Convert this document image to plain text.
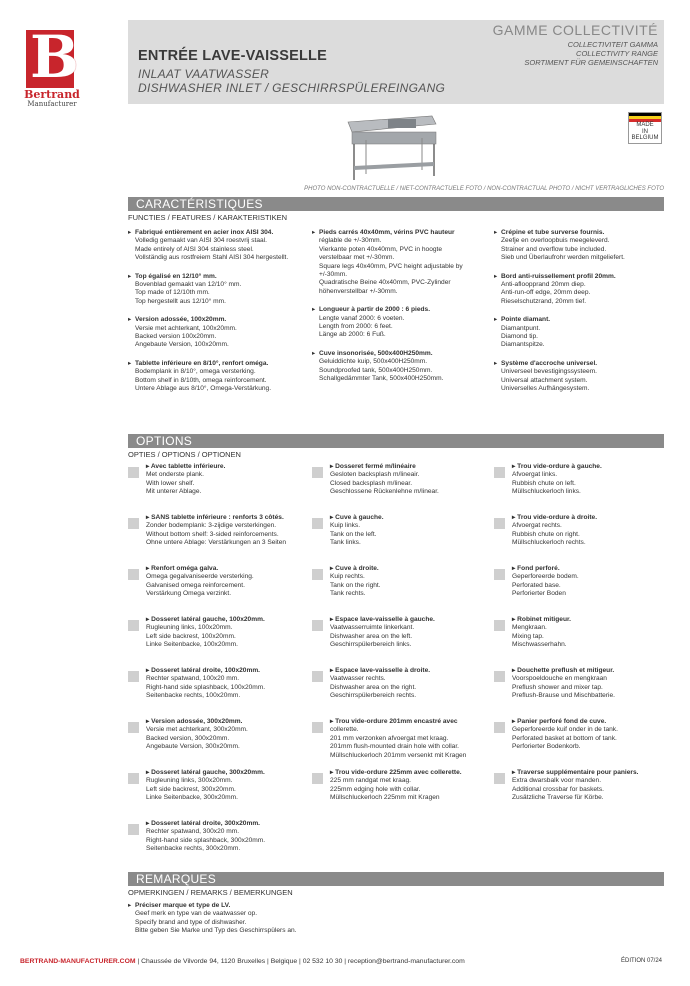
B
Bertrand
Manufacturer
ENTRÉE LAVE-VAISSELLE
INLAAT VAATWASSER
DISHWASHER INLET / GESCHIRRSPÜLEREINGANG
GAMME COLLECTIVITÉ
COLLECTIVITEIT GAMMA
COLLECTIVITY RANGE
SORTIMENT FÜR GEMEINSCHAFTEN
MADE
IN
BELGIUM
PHOTO NON-CONTRACTUELLE / NIET-CONTRACTUELE FOTO / NON-CONTRACTUAL PHOTO / NICHT VERTRAGLICHES FOTO
CARACTÉRISTIQUES
FUNCTIES / FEATURES / KARAKTERISTIKEN
▸ Fabriqué entièrement en acier inox AISI 304.

Volledig gemaakt van AISI 304 roestvrij staal.

Made entirely of AISI 304 stainless steel.

Vollständig aus rostfreiem Stahl AISI 304 hergestellt.

▸ Top égalisé en 12/10° mm.

Bovenblad gemaakt van 12/10° mm.

Top made of 12/10th mm.

Top hergestellt aus 12/10° mm.

▸ Version adossée, 100x20mm.

Versie met achterkant, 100x20mm.

Backed version 100x20mm.

Angebaute Version, 100x20mm.

▸ Tablette inférieure en 8/10°, renfort oméga.

Bodemplank in 8/10°, omega versterking.

Bottom shelf in 8/10th, omega reinforcement.

Untere Ablage aus 8/10°, Omega-Verstärkung.

▸ Pieds carrés 40x40mm, vérins PVC hauteur

réglable de +/-30mm.

Vierkante poten 40x40mm, PVC in hoogte

verstelbaar met +/-30mm.

Square legs 40x40mm, PVC height adjustable by

+/-30mm.

Quadratische Beine 40x40mm, PVC-Zylinder

höhenverstellbar +/-30mm.

▸ Longueur à partir de 2000 : 6 pieds.

Lengte vanaf 2000: 6 voeten.

Length from 2000: 6 feet.

Länge ab 2000: 6 Fuß.

▸ Cuve insonorisée, 500x400H250mm.

Geluiddichte kuip, 500x400H250mm.

Soundproofed tank, 500x400H250mm.

Schallgedämmter Tank, 500x400H250mm.

▸ Crépine et tube surverse fournis.

Zeefje en overloopbuis meegeleverd.

Strainer and overflow tube included.

Sieb und Überlaufrohr werden mitgeliefert.

▸ Bord anti-ruissellement profil 20mm.

Anti-afloopprand 20mm diep.

Anti-run-off edge, 20mm deep.

Rieselschutzrand, 20mm tief.

▸ Pointe diamant.

Diamantpunt.

Diamond tip.

Diamantspitze.

▸ Système d'accroche universel.

Universeel bevestigingssysteem.

Universal attachment system.

Universelles Aufhängesystem.

OPTIONS
OPTIES / OPTIONS / OPTIONEN

▸ Avec tablette inférieure.

Met onderste plank.

With lower shelf.

Mit unterer Ablage.

▸ SANS tablette inférieure : renforts 3 côtés.

Zonder bodemplank: 3-zijdige versterkingen.

Without bottom shelf: 3-sided reinforcements.

Ohne untere Ablage: Verstärkungen an 3 Seiten

▸ Renfort oméga galva.

Omega gegalvaniseerde versterking.

Galvanised omega reinforcement.

Verstärkung Omega verzinkt.

▸ Dosseret latéral gauche, 100x20mm.

Rugleuning links, 100x20mm.

Left side backrest, 100x20mm.

Linke Seitenbacke, 100x20mm.

▸ Dosseret latéral droite, 100x20mm.

Rechter spatwand, 100x20 mm.

Right-hand side splashback, 100x20mm.

Seitenbacke rechts, 100x20mm.

▸ Version adossée, 300x20mm.

Versie met achterkant, 300x20mm.

Backed version, 300x20mm.

Angebaute Version, 300x20mm.

▸ Dosseret latéral gauche, 300x20mm.

Rugleuning links, 300x20mm.

Left side backrest, 300x20mm.

Linke Seitenbacke, 300x20mm.

▸ Dosseret latéral droite, 300x20mm.

Rechter spatwand, 300x20 mm.

Right-hand side splashback, 300x20mm.

Seitenbacke rechts, 300x20mm.

▸ Dosseret fermé m/linéaire

Gesloten backsplash m/lineair.

Closed backsplash m/linear.

Geschlossene Rückenlehne m/linear.

▸ Cuve à gauche.

Kuip links.

Tank on the left.

Tank links.

▸ Cuve à droite.

Kuip rechts.

Tank on the right.

Tank rechts.

▸ Espace lave-vaisselle à gauche.

Vaatwasserruimte linkerkant.

Dishwasher area on the left.

Geschirrspülerbereich links.

▸ Espace lave-vaisselle à droite.

Vaatwasser rechts.

Dishwasher area on the right.

Geschirrspülerbereich rechts.

▸ Trou vide-ordure 201mm encastré avec

collerette.

201 mm verzonken afvoergat met kraag.

201mm flush-mounted drain hole with collar.

Müllschluckerloch 201mm versenkt mit Kragen

▸ Trou vide-ordure 225mm avec collerette.

225 mm randgat met kraag.

225mm edging hole with collar.

Müllschluckerloch 225mm mit Kragen

▸ Trou vide-ordure à gauche.

Afvoergat links.

Rubbish chute on left.

Müllschluckerloch links.

▸ Trou vide-ordure à droite.

Afvoergat rechts.

Rubbish chute on right.

Müllschluckerloch rechts.

▸ Fond perforé.

Geperforeerde bodem.

Perforated base.

Perforierter Boden

▸ Robinet mitigeur.

Mengkraan.

Mixing tap.

Mischwasserhahn.

▸ Douchette preflush et mitigeur.

Voorspoeldouche en mengkraan

Preflush shower and mixer tap.

Preflush-Brause und Mischbatterie.

▸ Panier perforé fond de cuve.

Geperforeerde kuif onder in de tank.

Perforated basket at bottom of tank.

Perforierter Bodenkorb.

▸ Traverse supplémentaire pour paniers.

Extra dwarsbalk voor manden.

Additional crossbar for baskets.

Zusätzliche Traverse für Körbe.

REMARQUES
OPMERKINGEN / REMARKS / BEMERKUNGEN
▸ Préciser marque et type de LV.

Geef merk en type van de vaatwasser op.

Specify brand and type of dishwasher.

Bitte geben Sie Marke und Typ des Geschirrspülers an.

BERTRAND-MANUFACTURER.COM | Chaussée de Vilvorde 94, 1120 Bruxelles | Belgique | 02 532 10 30 | reception@bertrand-manufacturer.com	ÉDITION 07/24
